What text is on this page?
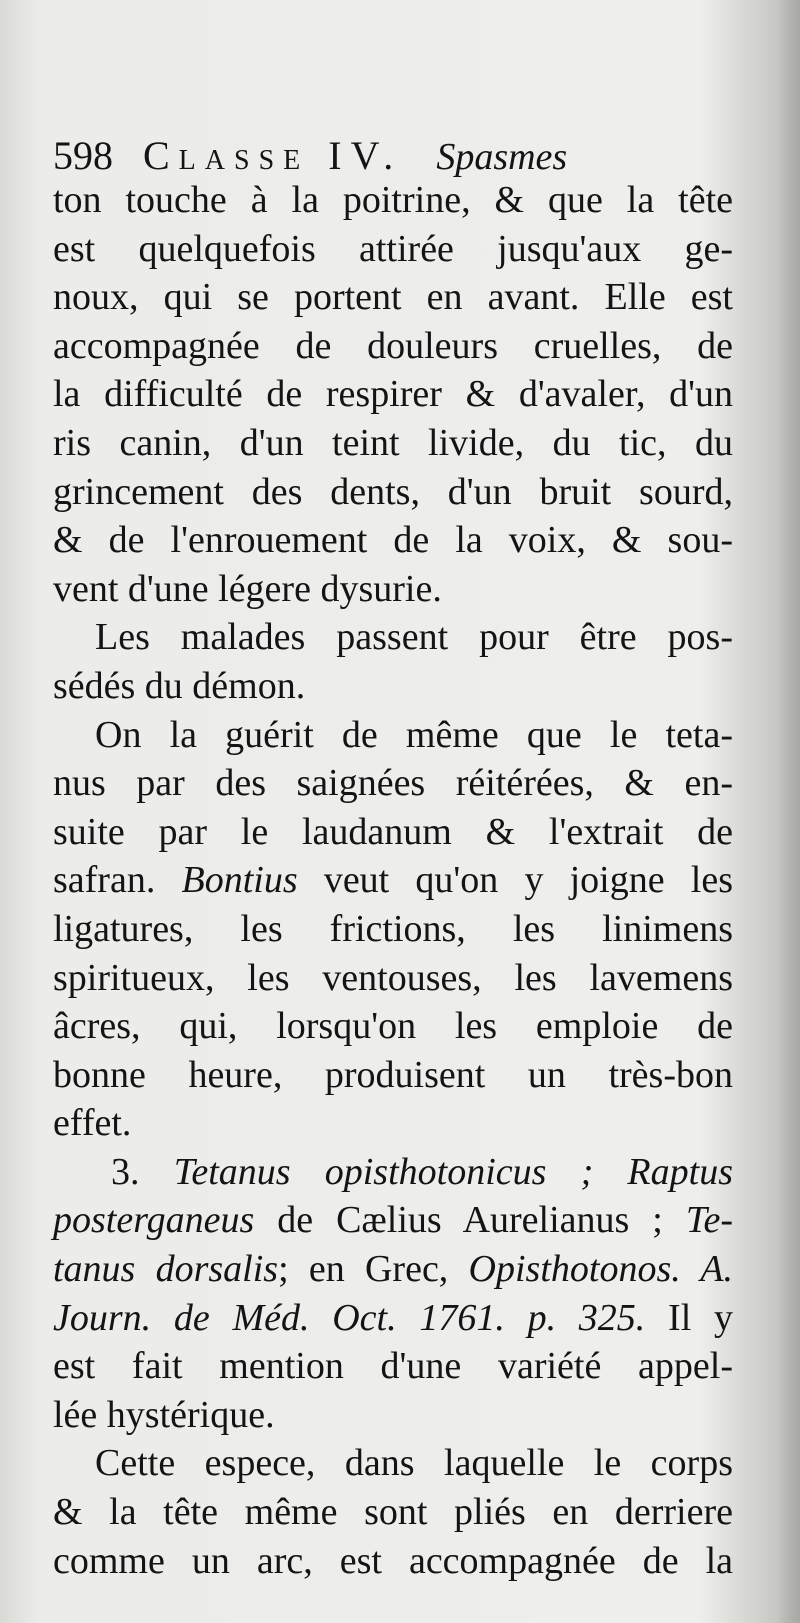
598 Classe IV. Spasmes
ton touche à la poitrine, & que la tête
est quelquefois attirée jusqu'aux ge-
noux, qui se portent en avant. Elle est
accompagnée de douleurs cruelles, de
la difficulté de respirer & d'avaler, d'un
ris canin, d'un teint livide, du tic, du
grincement des dents, d'un bruit sourd,
& de l'enrouement de la voix, & sou-
vent d'une légere dysurie.
Les malades passent pour être pos-
sédés du démon.
On la guérit de même que le teta-
nus par des saignées réitérées, & en-
suite par le laudanum & l'extrait de
safran. Bontius veut qu'on y joigne les
ligatures, les frictions, les linimens
spiritueux, les ventouses, les lavemens
âcres, qui, lorsqu'on les emploie de
bonne heure, produisent un très-bon
effet.
3. Tetanus opisthotonicus ; Raptus
posterganeus de Cælius Aurelianus ; Te-
tanus dorsalis; en Grec, Opisthotonos. A.
Journ. de Méd. Oct. 1761. p. 325. Il y
est fait mention d'une variété appel-
lée hystérique.
Cette espece, dans laquelle le corps
& la tête même sont pliés en derriere
comme un arc, est accompagnée de la
